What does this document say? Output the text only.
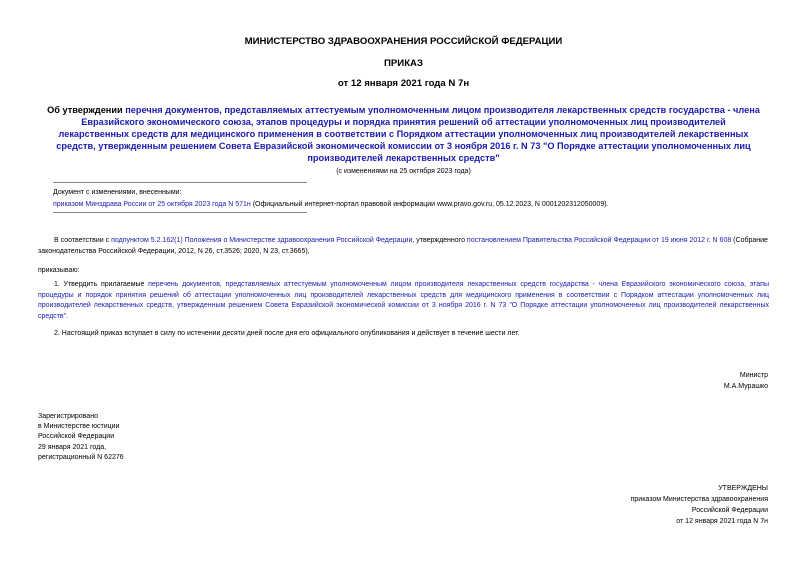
МИНИСТЕРСТВО ЗДРАВООХРАНЕНИЯ РОССИЙСКОЙ ФЕДЕРАЦИИ
ПРИКАЗ
от 12 января 2021 года N 7н
Об утверждении перечня документов, представляемых аттестуемым уполномоченным лицом производителя лекарственных средств государства - члена Евразийского экономического союза, этапов процедуры и порядка принятия решений об аттестации уполномоченных лиц производителей лекарственных средств для медицинского применения в соответствии с Порядком аттестации уполномоченных лиц производителей лекарственных средств, утвержденным решением Совета Евразийской экономической комиссии от 3 ноября 2016 г. N 73 "О Порядке аттестации уполномоченных лиц производителей лекарственных средств"
(с изменениями на 25 октября 2023 года)
Документ с изменениями, внесенными:
приказом Минздрава России от 25 октября 2023 года N 571н (Официальный интернет-портал правовой информации www.pravo.gov.ru, 05.12.2023, N 0001202312050009).
В соответствии с подпунктом 5.2.162(1) Положения о Министерстве здравоохранения Российской Федерации, утвержденного постановлением Правительства Российской Федерации от 19 июня 2012 г. N 608 (Собрание законодательства Российской Федерации, 2012, N 26, ст.3526; 2020, N 23, ст.3665),
приказываю:
1. Утвердить прилагаемые перечень документов, представляемых аттестуемым уполномоченным лицом производителя лекарственных средств государства - члена Евразийского экономического союза, этапы процедуры и порядок принятия решений об аттестации уполномоченных лиц производителей лекарственных средств для медицинского применения в соответствии с Порядком аттестации уполномоченных лиц производителей лекарственных средств, утвержденным решением Совета Евразийской экономической комиссии от 3 ноября 2016 г. N 73 "О Порядке аттестации уполномоченных лиц производителей лекарственных средств".
2. Настоящий приказ вступает в силу по истечении десяти дней после дня его официального опубликования и действует в течение шести лет.
Министр
М.А.Мурашко
Зарегистрировано
в Министерстве юстиции
Российской Федерации
29 января 2021 года,
регистрационный N 62276
УТВЕРЖДЕНЫ
приказом Министерства здравоохранения
Российской Федерации
от 12 января 2021 года N 7н
